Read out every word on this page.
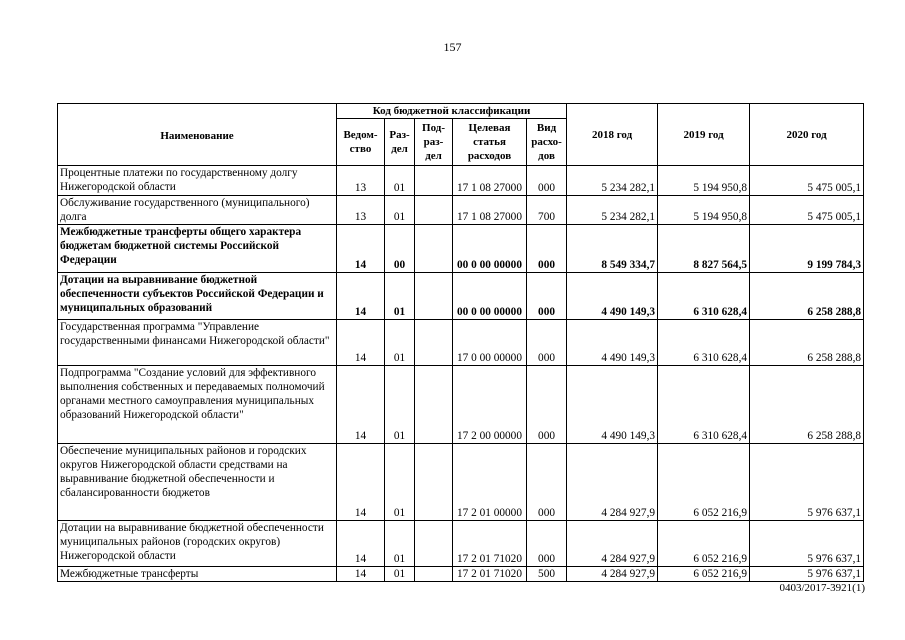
157
Наименование	Код бюджетной классификации					2018 год	2019 год	2020 год
	Ведом-ство	Раз-дел	Под-раз-дел	Целевая статья расходов	Вид расхо-дов			
Процентные платежи по государственному долгу Нижегородской области	13	01		17 1 08 27000	000	5 234 282,1	5 194 950,8	5 475 005,1
Обслуживание государственного (муниципального) долга	13	01		17 1 08 27000	700	5 234 282,1	5 194 950,8	5 475 005,1
Межбюджетные трансферты общего характера бюджетам бюджетной системы Российской Федерации	14	00		00 0 00 00000	000	8 549 334,7	8 827 564,5	9 199 784,3
Дотации на выравнивание бюджетной обеспеченности субъектов Российской Федерации и муниципальных образований	14	01		00 0 00 00000	000	4 490 149,3	6 310 628,4	6 258 288,8
Государственная программа "Управление государственными финансами Нижегородской области"	14	01		17 0 00 00000	000	4 490 149,3	6 310 628,4	6 258 288,8
Подпрограмма "Создание условий для эффективного выполнения собственных и передаваемых полномочий органами местного самоуправления муниципальных образований Нижегородской области"	14	01		17 2 00 00000	000	4 490 149,3	6 310 628,4	6 258 288,8
Обеспечение муниципальных районов и городских округов Нижегородской области средствами на выравнивание бюджетной обеспеченности и сбалансированности бюджетов	14	01		17 2 01 00000	000	4 284 927,9	6 052 216,9	5 976 637,1
Дотации на выравнивание бюджетной обеспеченности муниципальных районов (городских округов) Нижегородской области	14	01		17 2 01 71020	000	4 284 927,9	6 052 216,9	5 976 637,1
Межбюджетные трансферты	14	01		17 2 01 71020	500	4 284 927,9	6 052 216,9	5 976 637,1
0403/2017-3921(1)
